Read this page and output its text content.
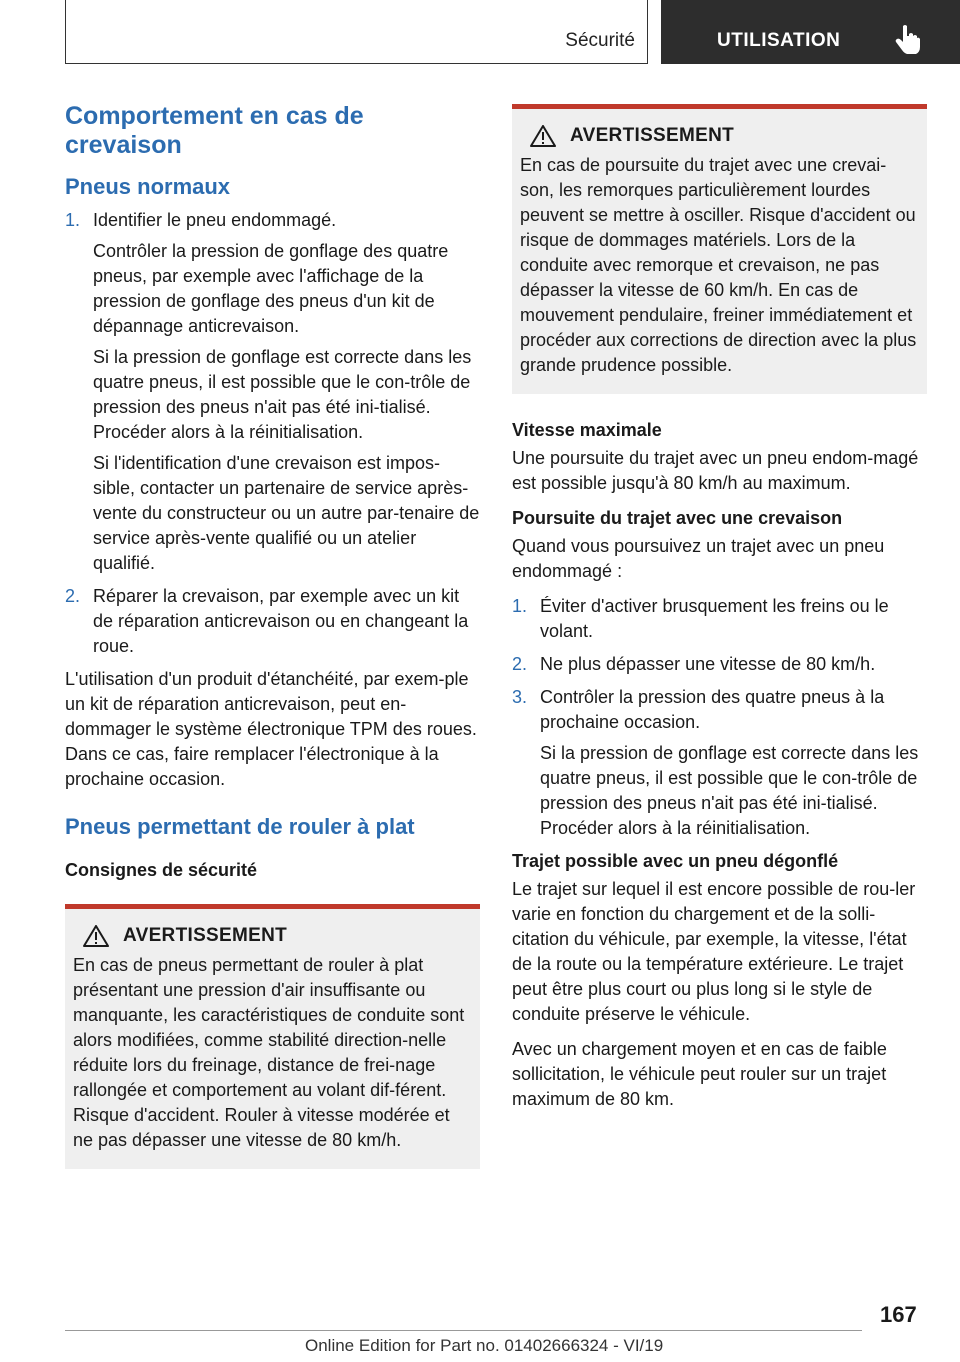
Sécurité	UTILISATION
Comportement en cas de crevaison
Pneus normaux
1. Identifier le pneu endommagé.

Contrôler la pression de gonflage des quatre pneus, par exemple avec l'affichage de la pression de gonflage des pneus d'un kit de dépannage anticrevaison.

Si la pression de gonflage est correcte dans les quatre pneus, il est possible que le con-trôle de pression des pneus n'ait pas été ini-tialisé. Procéder alors à la réinitialisation.

Si l'identification d'une crevaison est impos-sible, contacter un partenaire de service après-vente du constructeur ou un autre par-tenaire de service après-vente qualifié ou un atelier qualifié.

2. Réparer la crevaison, par exemple avec un kit de réparation anticrevaison ou en changeant la roue.

L'utilisation d'un produit d'étanchéité, par exem-ple un kit de réparation anticrevaison, peut en-dommager le système électronique TPM des roues. Dans ce cas, faire remplacer l'électronique à la prochaine occasion.

Pneus permettant de rouler à plat
Consignes de sécurité
AVERTISSEMENT

En cas de pneus permettant de rouler à plat présentant une pression d'air insuffisante ou manquante, les caractéristiques de conduite sont alors modifiées, comme stabilité direction-nelle réduite lors du freinage, distance de frei-nage rallongée et comportement au volant dif-férent. Risque d'accident. Rouler à vitesse modérée et ne pas dépasser une vitesse de 80 km/h.

AVERTISSEMENT

En cas de poursuite du trajet avec une crevai-son, les remorques particulièrement lourdes peuvent se mettre à osciller. Risque d'accident ou risque de dommages matériels. Lors de la conduite avec remorque et crevaison, ne pas dépasser la vitesse de 60 km/h. En cas de mouvement pendulaire, freiner immédiatement et procéder aux corrections de direction avec la plus grande prudence possible.

Vitesse maximale

Une poursuite du trajet avec un pneu endom-magé est possible jusqu'à 80 km/h au maximum.

Poursuite du trajet avec une crevaison

Quand vous poursuivez un trajet avec un pneu endommagé :

1. Éviter d'activer brusquement les freins ou le volant.

2. Ne plus dépasser une vitesse de 80 km/h.

3. Contrôler la pression des quatre pneus à la prochaine occasion.

Si la pression de gonflage est correcte dans les quatre pneus, il est possible que le con-trôle de pression des pneus n'ait pas été ini-tialisé. Procéder alors à la réinitialisation.

Trajet possible avec un pneu dégonflé

Le trajet sur lequel il est encore possible de rou-ler varie en fonction du chargement et de la solli-citation du véhicule, par exemple, la vitesse, l'état de la route ou la température extérieure. Le trajet peut être plus court ou plus long si le style de conduite préserve le véhicule.

Avec un chargement moyen et en cas de faible sollicitation, le véhicule peut rouler sur un trajet maximum de 80 km.

167
Online Edition for Part no. 01402666324 - VI/19
